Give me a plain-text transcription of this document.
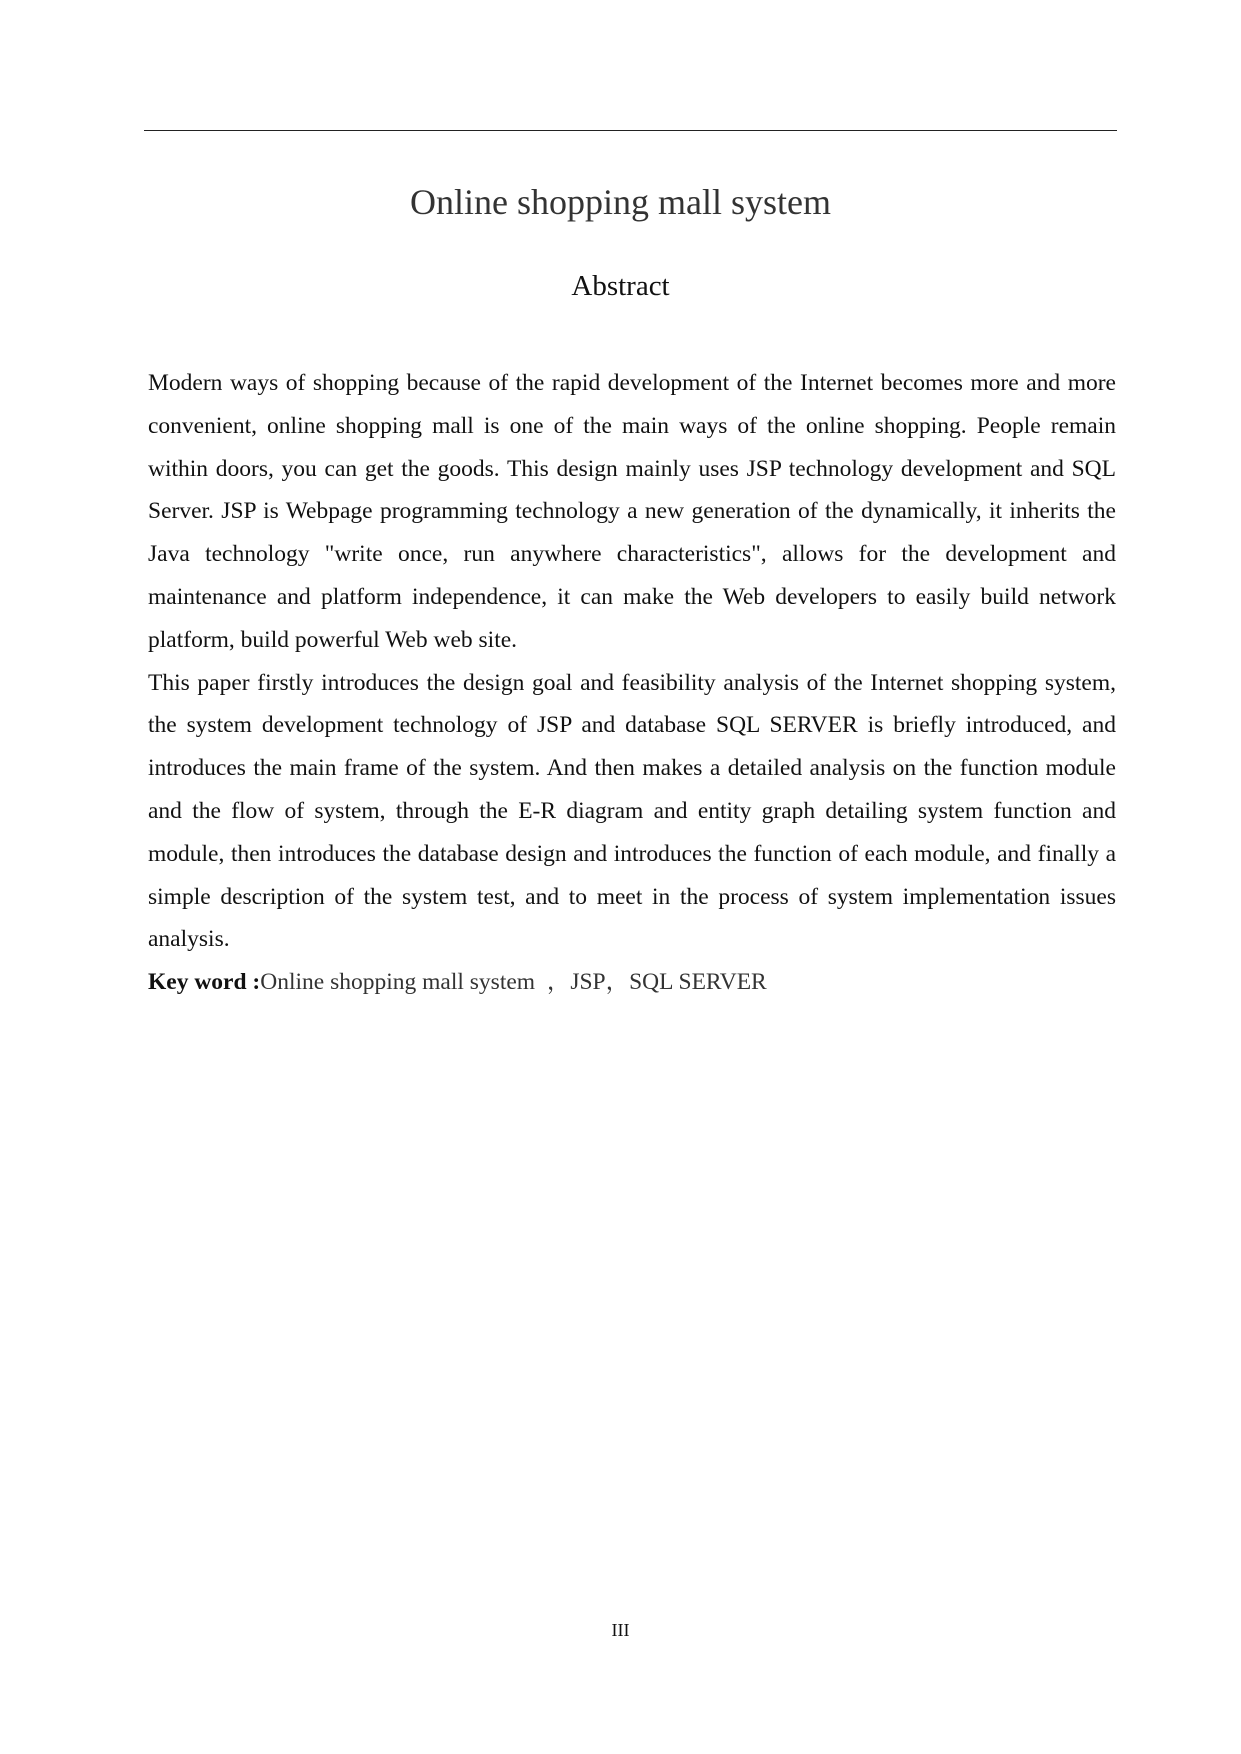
Online shopping mall system
Abstract

Modern ways of shopping because of the rapid development of the Internet becomes more and more convenient, online shopping mall is one of the main ways of the online shopping. People remain within doors, you can get the goods. This design mainly uses JSP technology development and SQL Server. JSP is Webpage programming technology a new generation of the dynamically, it inherits the Java technology "write once, run anywhere characteristics", allows for the development and maintenance and platform independence, it can make the Web developers to easily build network platform, build powerful Web web site.

This paper firstly introduces the design goal and feasibility analysis of the Internet shopping system, the system development technology of JSP and database SQL SERVER is briefly introduced, and introduces the main frame of the system. And then makes a detailed analysis on the function module and the flow of system, through the E-R diagram and entity graph detailing system function and module, then introduces the database design and introduces the function of each module, and finally a simple description of the system test, and to meet in the process of system implementation issues analysis.

Key word :Online shopping mall system  ，JSP，SQL SERVER

III
